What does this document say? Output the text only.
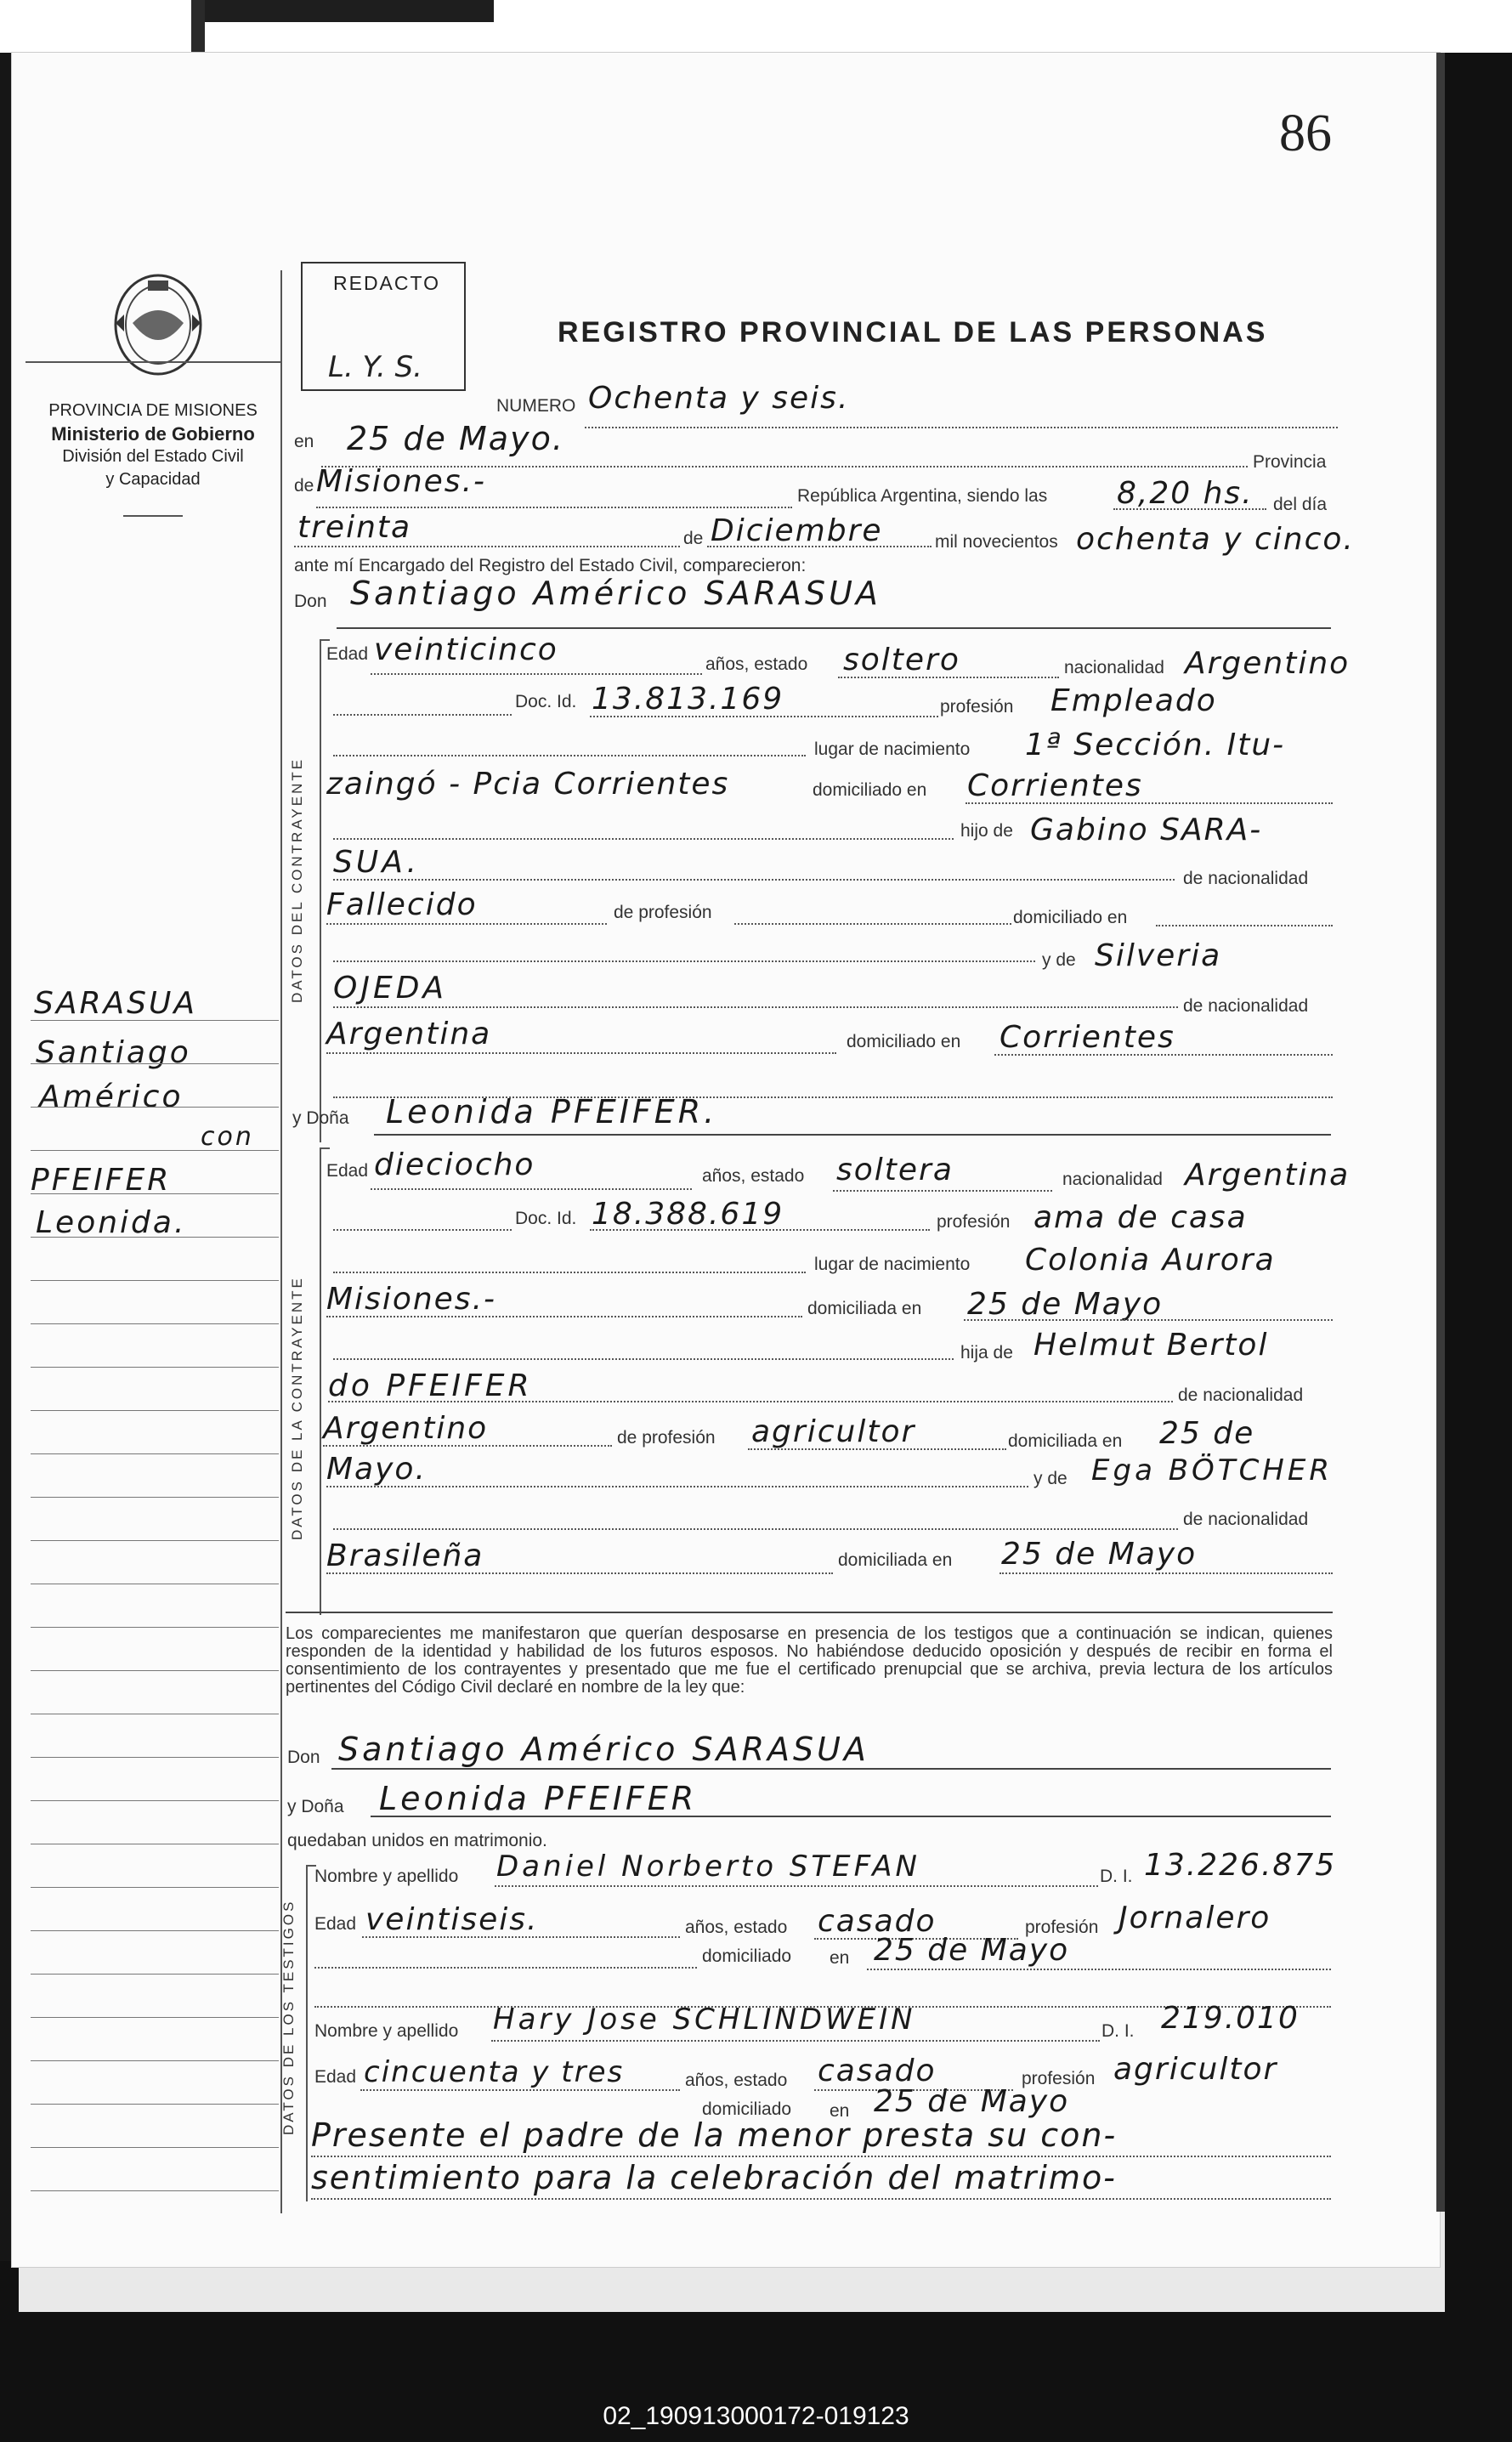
86
PROVINCIA DE MISIONES
Ministerio de Gobierno
División del Estado Civil
y Capacidad
REDACTO
L. Y. S.
REGISTRO PROVINCIAL DE LAS PERSONAS
SARASUA
Santiago
Américo
con
PFEIFER
Leonida.
NUMERO Ochenta y seis.
en 25 de Mayo.
Provincia
de Misiones.-	República Argentina, siendo las 8,20 hs. del día
treinta	de Diciembre	mil novecientos ochenta y cinco.
ante mí Encargado del Registro del Estado Civil, comparecieron:
Don Santiago Américo SARASUA
DATOS DEL CONTRAYENTE
Edad veinticinco	años, estado soltero	nacionalidad Argentino
Doc. Id. 13.813.169	profesión Empleado
lugar de nacimiento 1ª Sección. Itu-
zaingó - Pcia Corrientes	domiciliado en Corrientes
hijo de Gabino SARA-
SUA.	de nacionalidad
Fallecido	de profesión	domiciliado en
y de Silveria
OJEDA
de nacionalidad
Argentina	domiciliado en Corrientes
y Doña Leonida PFEIFER.
DATOS DE LA CONTRAYENTE
Edad dieciocho	años, estado soltera	nacionalidad Argentina
Doc. Id. 18.388.619	profesión ama de casa
lugar de nacimiento Colonia Aurora
Misiones.-	domiciliada en 25 de Mayo
hija de Helmut Bertol
do PFEIFER	de nacionalidad
Argentino	de profesión agricultor	domiciliada en 25 de
Mayo.	y de Ega BÖTCHER
de nacionalidad
Brasileña	domiciliada en 25 de Mayo
Los comparecientes me manifestaron que querían desposarse en presencia de los testigos que a continuación se indican, quienes responden de la identidad y habilidad de los futuros esposos. No habiéndose deducido oposición y después de recibir en forma el consentimiento de los contrayentes y presentado que me fue el certificado prenupcial que se archiva, previa lectura de los artículos pertinentes del Código Civil declaré en nombre de la ley que:
Don Santiago Américo SARASUA
y Doña Leonida PFEIFER
quedaban unidos en matrimonio.
DATOS DE LOS TESTIGOS
Nombre y apellido Daniel Norberto STEFAN	D. I. 13.226.875
Edad veintiseis.	años, estado casado	profesión Jornalero
domiciliado en 25 de Mayo
Nombre y apellido Hary Jose SCHLINDWEIN	D. I. 219.010
Edad cincuenta y tres	años, estado casado	profesión agricultor
domiciliado en 25 de Mayo
Presente el padre de la menor presta su con-
sentimiento para la celebración del matrimo-
02_190913000172-019123
